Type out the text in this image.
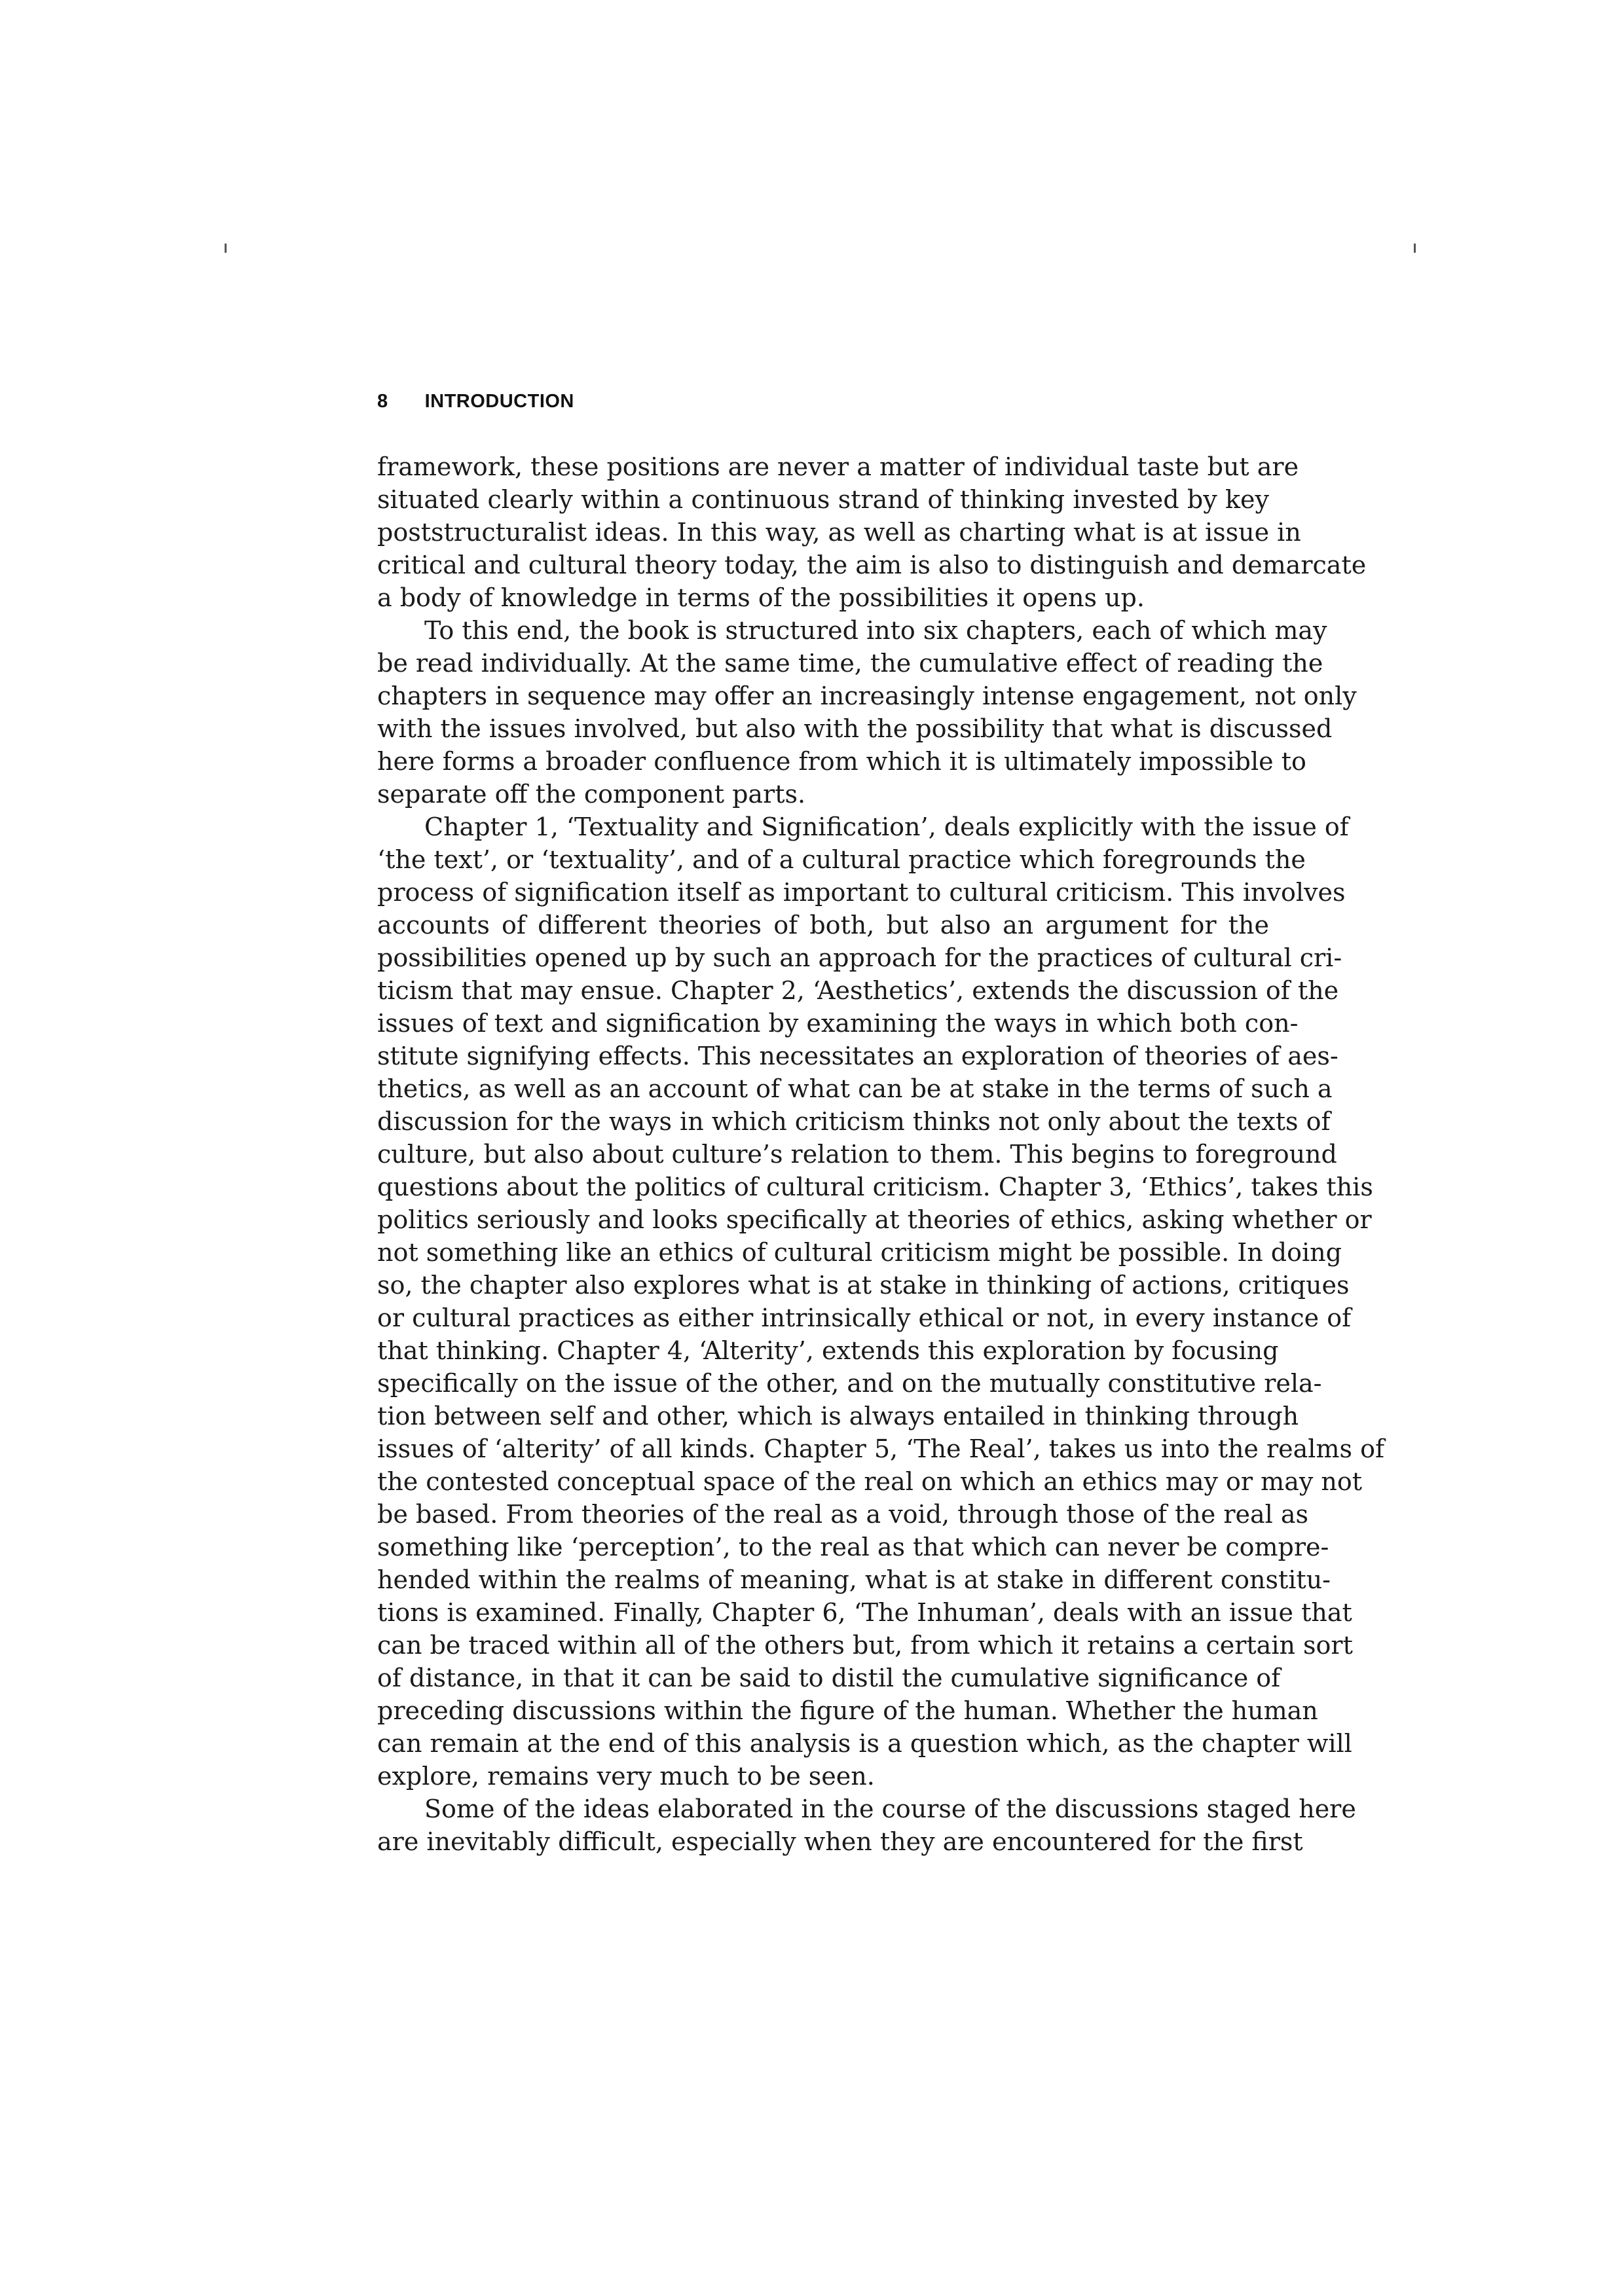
8 INTRODUCTION
framework, these positions are never a matter of individual taste but are
situated clearly within a continuous strand of thinking invested by key
poststructuralist ideas. In this way, as well as charting what is at issue in
critical and cultural theory today, the aim is also to distinguish and demarcate
a body of knowledge in terms of the possibilities it opens up.
To this end, the book is structured into six chapters, each of which may
be read individually. At the same time, the cumulative effect of reading the
chapters in sequence may offer an increasingly intense engagement, not only
with the issues involved, but also with the possibility that what is discussed
here forms a broader confluence from which it is ultimately impossible to
separate off the component parts.
Chapter 1, ‘Textuality and Signification’, deals explicitly with the issue of
‘the text’, or ‘textuality’, and of a cultural practice which foregrounds the
process of signification itself as important to cultural criticism. This involves
accounts of different theories of both, but also an argument for the
possibilities opened up by such an approach for the practices of cultural cri-
ticism that may ensue. Chapter 2, ‘Aesthetics’, extends the discussion of the
issues of text and signification by examining the ways in which both con-
stitute signifying effects. This necessitates an exploration of theories of aes-
thetics, as well as an account of what can be at stake in the terms of such a
discussion for the ways in which criticism thinks not only about the texts of
culture, but also about culture’s relation to them. This begins to foreground
questions about the politics of cultural criticism. Chapter 3, ‘Ethics’, takes this
politics seriously and looks specifically at theories of ethics, asking whether or
not something like an ethics of cultural criticism might be possible. In doing
so, the chapter also explores what is at stake in thinking of actions, critiques
or cultural practices as either intrinsically ethical or not, in every instance of
that thinking. Chapter 4, ‘Alterity’, extends this exploration by focusing
specifically on the issue of the other, and on the mutually constitutive rela-
tion between self and other, which is always entailed in thinking through
issues of ‘alterity’ of all kinds. Chapter 5, ‘The Real’, takes us into the realms of
the contested conceptual space of the real on which an ethics may or may not
be based. From theories of the real as a void, through those of the real as
something like ‘perception’, to the real as that which can never be compre-
hended within the realms of meaning, what is at stake in different constitu-
tions is examined. Finally, Chapter 6, ‘The Inhuman’, deals with an issue that
can be traced within all of the others but, from which it retains a certain sort
of distance, in that it can be said to distil the cumulative significance of
preceding discussions within the figure of the human. Whether the human
can remain at the end of this analysis is a question which, as the chapter will
explore, remains very much to be seen.
Some of the ideas elaborated in the course of the discussions staged here
are inevitably difficult, especially when they are encountered for the first
